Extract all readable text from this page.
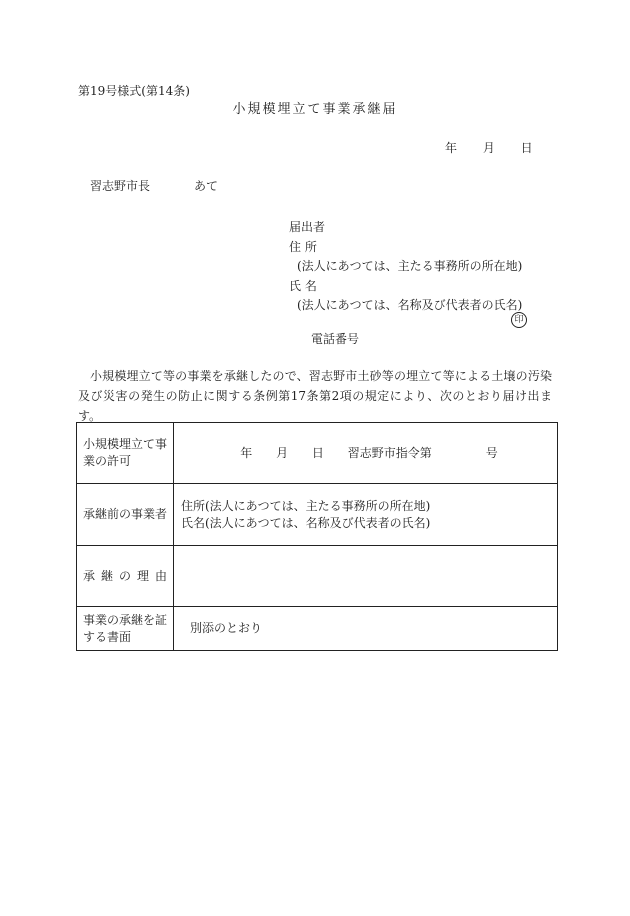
第19号様式(第14条)
小規模埋立て事業承継届
年 月 日
習志野市長	あて
届出者
住 所
(法人にあつては、主たる事務所の所在地)
氏 名
(法人にあつては、名称及び代表者の氏名)
印
電話番号
小規模埋立て等の事業を承継したので、習志野市土砂等の埋立て等による土壌の汚染及び災害の発生の防止に関する条例第17条第2項の規定により、次のとおり届け出ます。
小規模埋立て事業の許可	年 月 日 習志野市指令第 号

承継前の事業者	住所(法人にあつては、主たる事務所の所在地)
氏名(法人にあつては、名称及び代表者の氏名)

承継の理由	
事業の承継を証する書面	別添のとおり
